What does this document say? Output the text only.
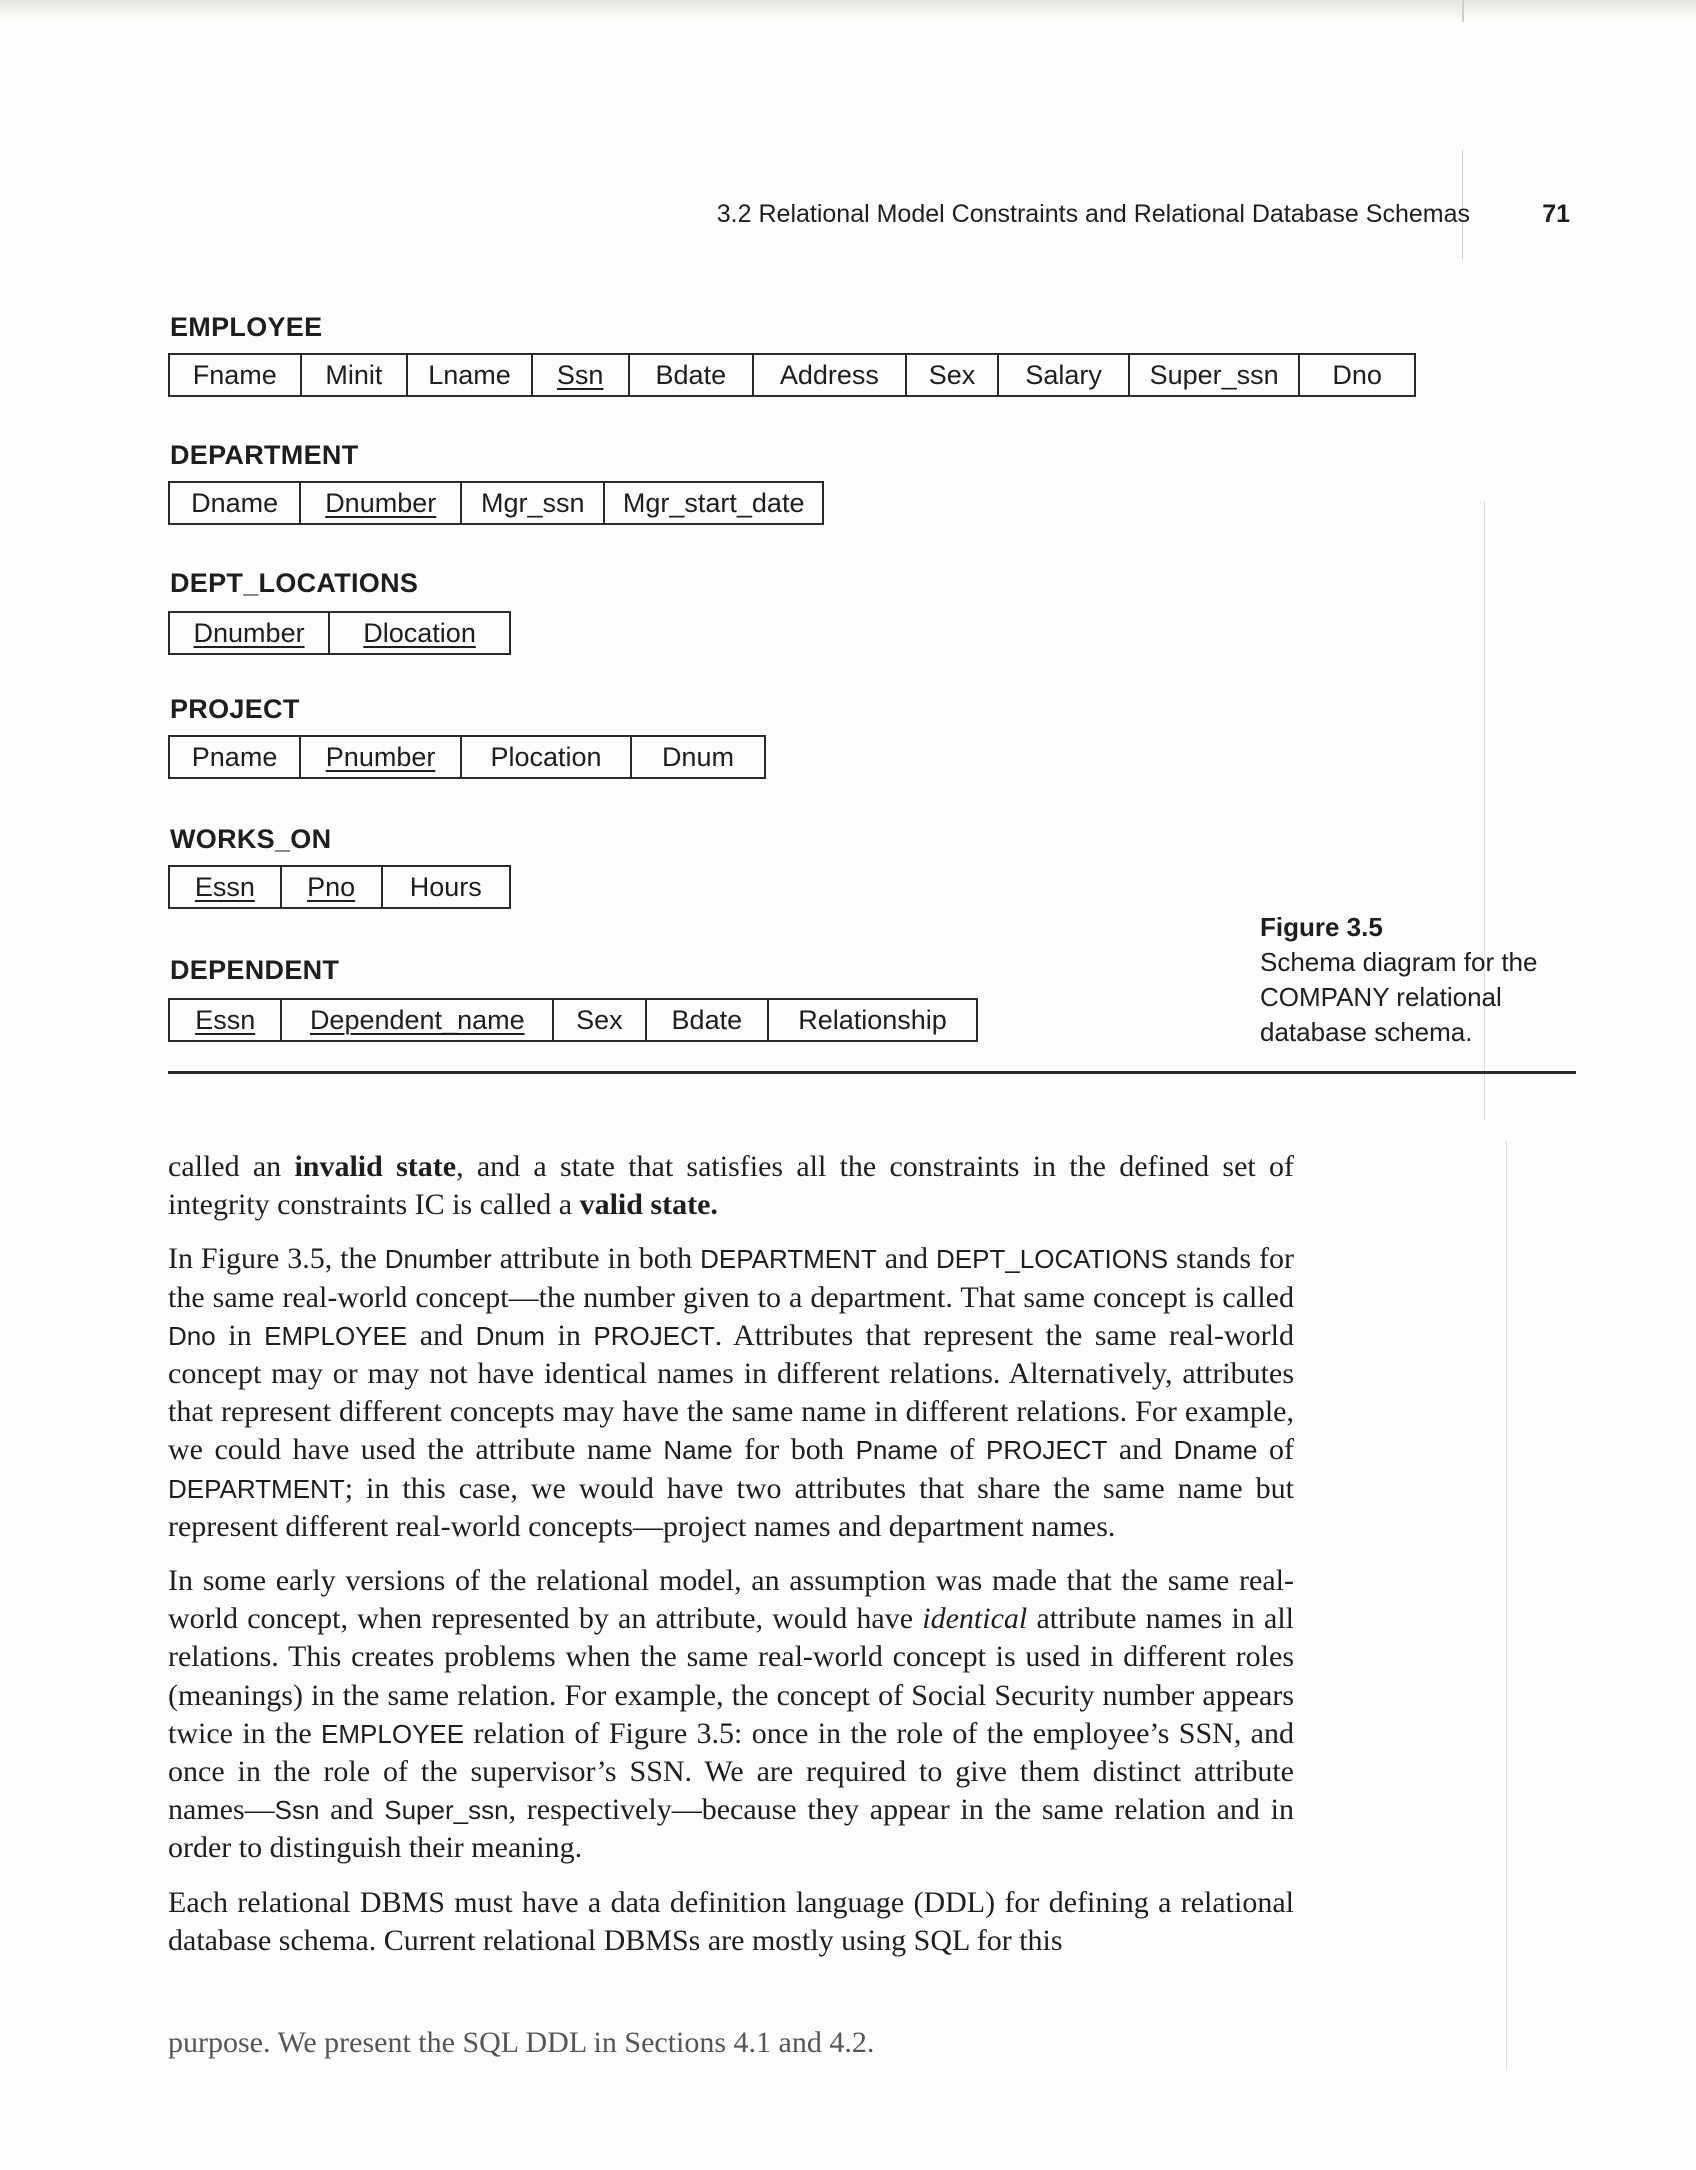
3.2 Relational Model Constraints and Relational Database Schemas	71
EMPLOYEE
Fname Minit Lname Ssn Bdate Address Sex Salary Super_ssn Dno
DEPARTMENT
Dname Dnumber Mgr_ssn Mgr_start_date
DEPT_LOCATIONS
Dnumber Dlocation
PROJECT
Pname Pnumber Plocation Dnum
WORKS_ON
Essn Pno Hours
DEPENDENT
Essn Dependent_name Sex Bdate Relationship
Figure 3.5
Schema diagram for the COMPANY relational database schema.

called an invalid state, and a state that satisfies all the constraints in the defined set of integrity constraints IC is called a valid state.

In Figure 3.5, the Dnumber attribute in both DEPARTMENT and DEPT_LOCATIONS stands for the same real-world concept—the number given to a department. That same concept is called Dno in EMPLOYEE and Dnum in PROJECT. Attributes that represent the same real-world concept may or may not have identical names in different relations. Alternatively, attributes that represent different concepts may have the same name in different relations. For example, we could have used the attribute name Name for both Pname of PROJECT and Dname of DEPARTMENT; in this case, we would have two attributes that share the same name but represent different real-world concepts—project names and department names.

In some early versions of the relational model, an assumption was made that the same real-world concept, when represented by an attribute, would have identical attribute names in all relations. This creates problems when the same real-world concept is used in different roles (meanings) in the same relation. For example, the concept of Social Security number appears twice in the EMPLOYEE relation of Figure 3.5: once in the role of the employee’s SSN, and once in the role of the supervisor’s SSN. We are required to give them distinct attribute names—Ssn and Super_ssn, respectively—because they appear in the same relation and in order to distinguish their meaning.

Each relational DBMS must have a data definition language (DDL) for defining a relational database schema. Current relational DBMSs are mostly using SQL for this

purpose. We present the SQL DDL in Sections 4.1 and 4.2.
